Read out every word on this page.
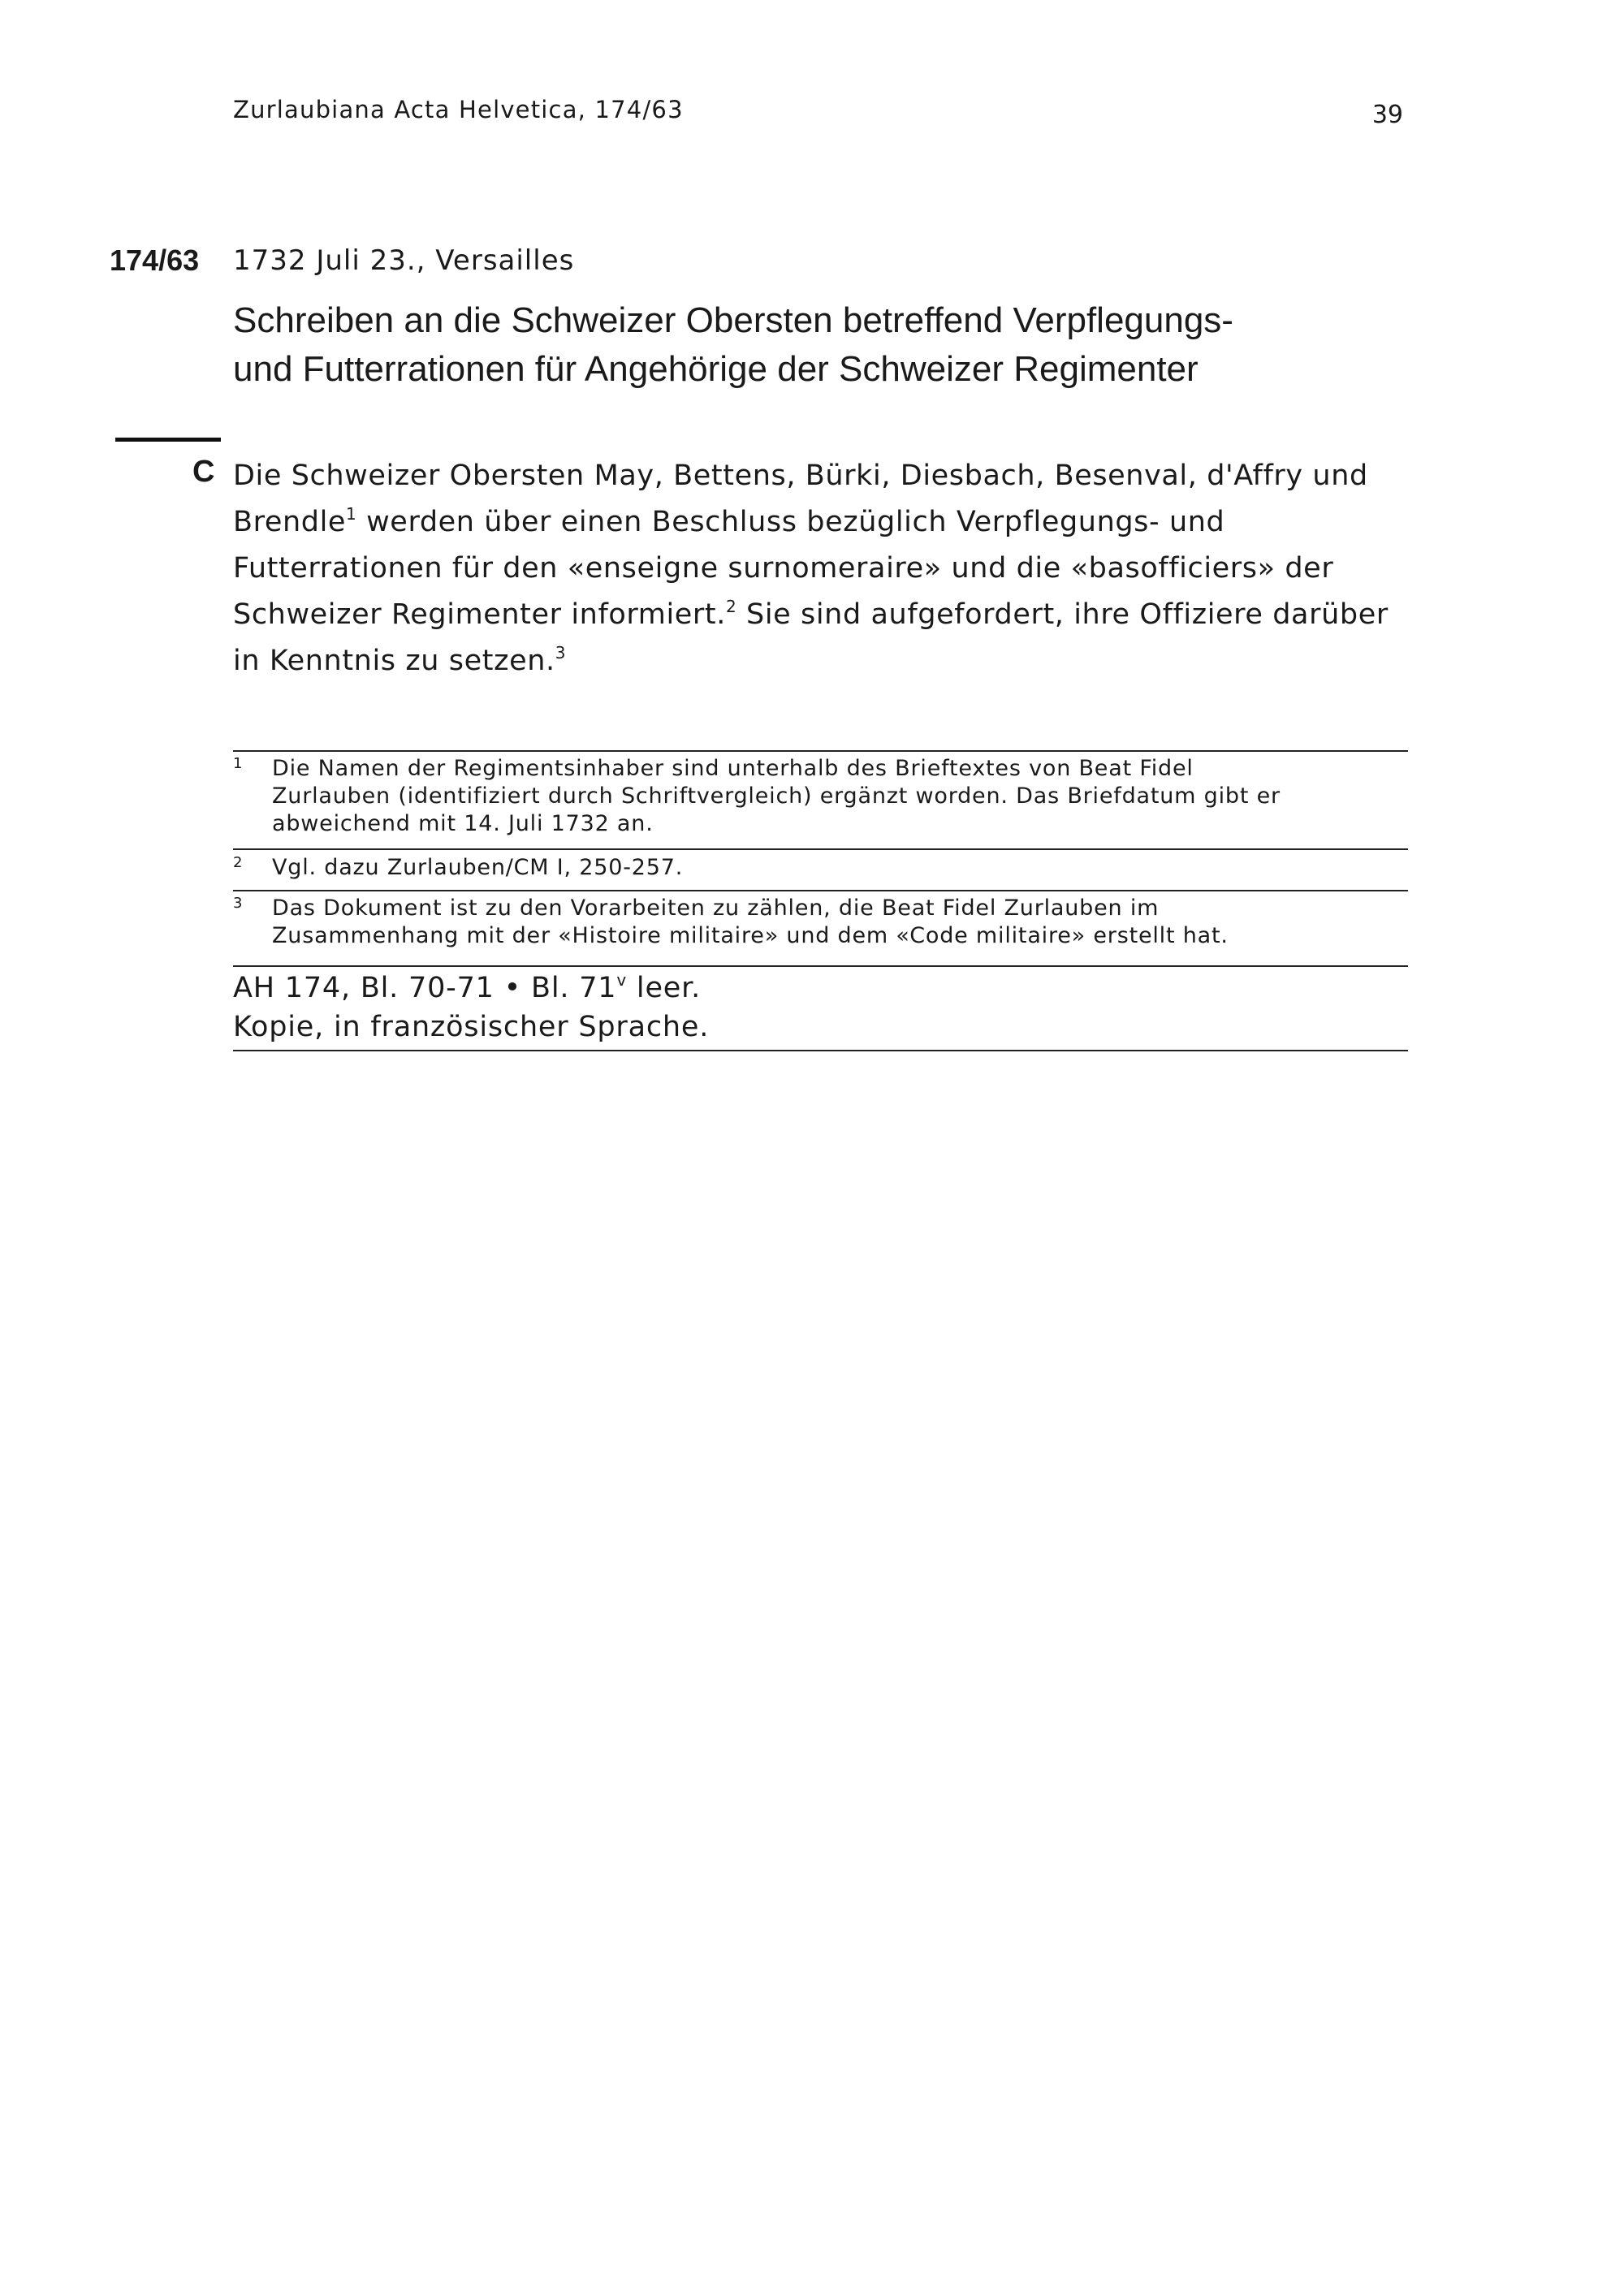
Zurlaubiana Acta Helvetica, 174/63	39
174/63 1732 Juli 23., Versailles
Schreiben an die Schweizer Obersten betreffend Verpflegungs-
und Futterrationen für Angehörige der Schweizer Regimenter
C Die Schweizer Obersten May, Bettens, Bürki, Diesbach, Besenval, d'Affry und
Brendle$^1$ werden über einen Beschluss bezüglich Verpflegungs- und
Futterrationen für den «enseigne surnomeraire» und die «basofficiers» der
Schweizer Regimenter informiert.$^2$ Sie sind aufgefordert, ihre Offiziere darüber
in Kenntnis zu setzen.$^3$
1 Die Namen der Regimentsinhaber sind unterhalb des Brieftextes von Beat Fidel
Zurlauben (identifiziert durch Schriftvergleich) ergänzt worden. Das Briefdatum gibt er
abweichend mit 14. Juli 1732 an.
2 Vgl. dazu Zurlauben/CM I, 250-257.
3 Das Dokument ist zu den Vorarbeiten zu zählen, die Beat Fidel Zurlauben im
Zusammenhang mit der «Histoire militaire» und dem «Code militaire» erstellt hat.
AH 174, Bl. 70-71 • Bl. 71$^v$ leer.
Kopie, in französischer Sprache.
